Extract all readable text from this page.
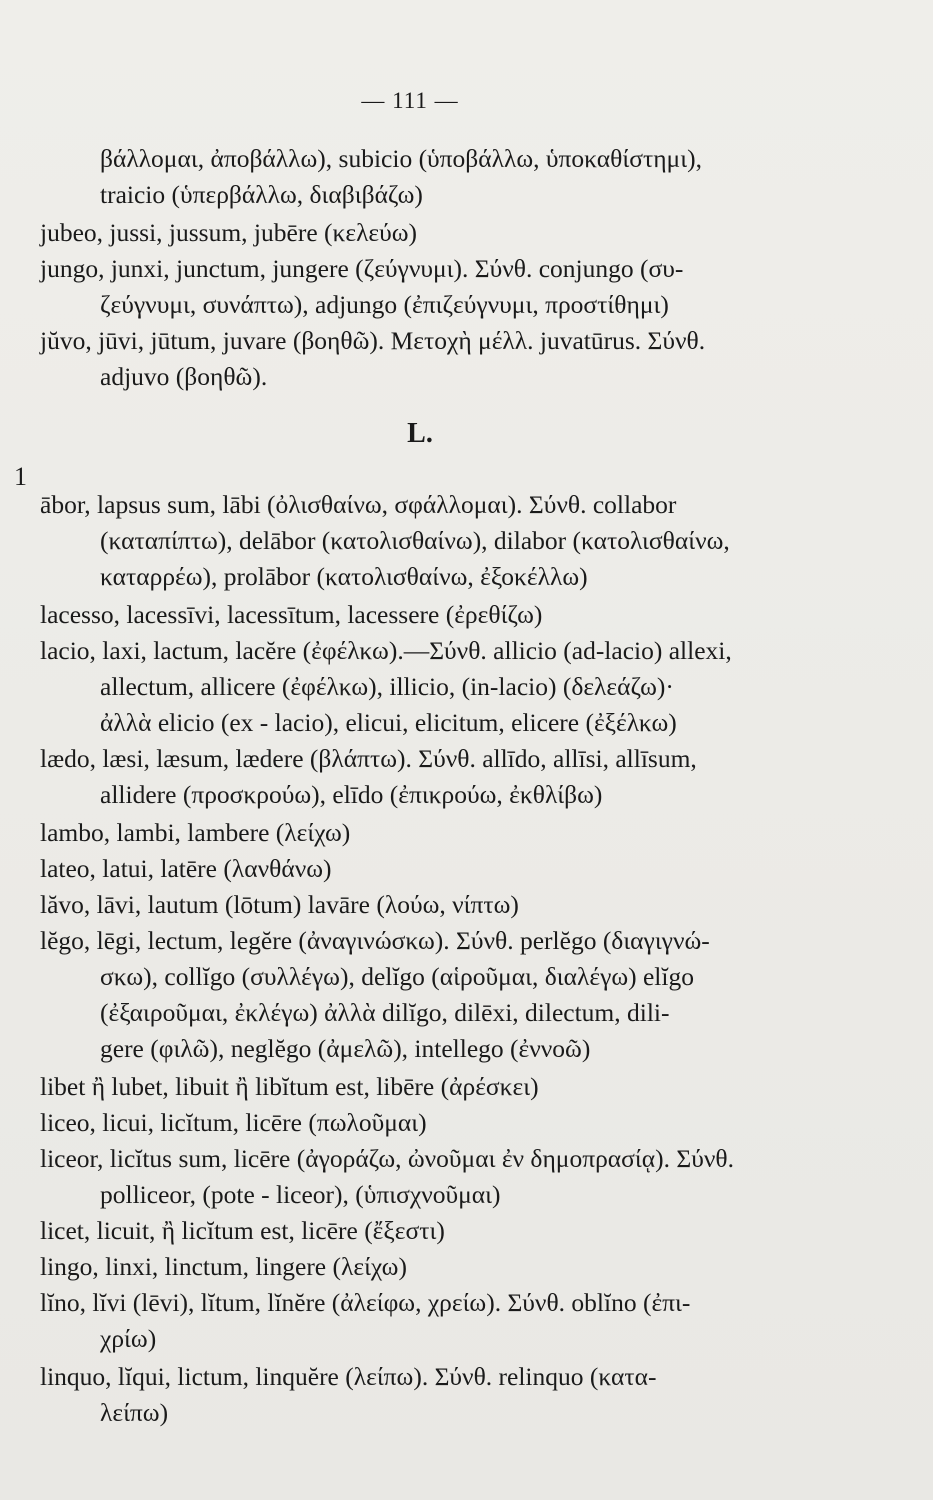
— 111 —
L.
1
βάλλομαι, ἀποβάλλω), subicio (ὑποβάλλω, ὑποκαθίστημι),
traicio (ὑπερβάλλω, διαβιβάζω)
jubeo, jussi, jussum, jubēre (κελεύω)
jungo, junxi, junctum, jungere (ζεύγνυμι). Σύνθ. conjungo (συ-
ζεύγνυμι, συνάπτω), adjungo (ἐπιζεύγνυμι, προστίθημι)
jŭvo, jūvi, jūtum, juvare (βοηθῶ). Μετοχὴ μέλλ. juvatūrus. Σύνθ.
adjuvo (βοηθῶ).
ābor, lapsus sum, lābi (ὀλισθαίνω, σφάλλομαι). Σύνθ. collabor
(καταπίπτω), delābor (κατολισθαίνω), dilabor (κατολισθαίνω,
καταρρέω), prolābor (κατολισθαίνω, ἐξοκέλλω)
lacesso, lacessīvi, lacessītum, lacessere (ἐρεθίζω)
lacio, laxi, lactum, lacĕre (ἐφέλκω).—Σύνθ. allicio (ad-lacio) allexi,
allectum, allicere (ἐφέλκω), illicio, (in-lacio) (δελεάζω)·
ἀλλὰ elicio (ex - lacio), elicui, elicitum, elicere (ἐξέλκω)
lædo, læsi, læsum, lædere (βλάπτω). Σύνθ. allīdo, allīsi, allīsum,
allidere (προσκρούω), elīdo (ἐπικρούω, ἐκθλίβω)
lambo, lambi, lambere (λείχω)
lateo, latui, latēre (λανθάνω)
lăvo, lāvi, lautum (lōtum) lavāre (λούω, νίπτω)
lĕgo, lēgi, lectum, legĕre (ἀναγινώσκω). Σύνθ. perlĕgo (διαγιγνώ-
σκω), collĭgo (συλλέγω), delĭgo (αἱροῦμαι, διαλέγω) elĭgo
(ἐξαιροῦμαι, ἐκλέγω) ἀλλὰ dilĭgo, dilēxi, dilectum, dili-
gere (φιλῶ), neglĕgo (ἀμελῶ), intellego (ἐννοῶ)
libet ἢ lubet, libuit ἢ libĭtum est, libēre (ἀρέσκει)
liceo, licui, licĭtum, licēre (πωλοῦμαι)
liceor, licĭtus sum, licēre (ἀγοράζω, ὠνοῦμαι ἐν δημοπρασίᾳ). Σύνθ.
polliceor, (pote - liceor), (ὑπισχνοῦμαι)
licet, licuit, ἢ licĭtum est, licēre (ἔξεστι)
lingo, linxi, linctum, lingere (λείχω)
lĭno, lĭvi (lēvi), lĭtum, lĭnĕre (ἀλείφω, χρείω). Σύνθ. oblĭno (ἐπι-
χρίω)
linquo, lĭqui, lictum, linquĕre (λείπω). Σύνθ. relinquo (κατα-
λείπω)
